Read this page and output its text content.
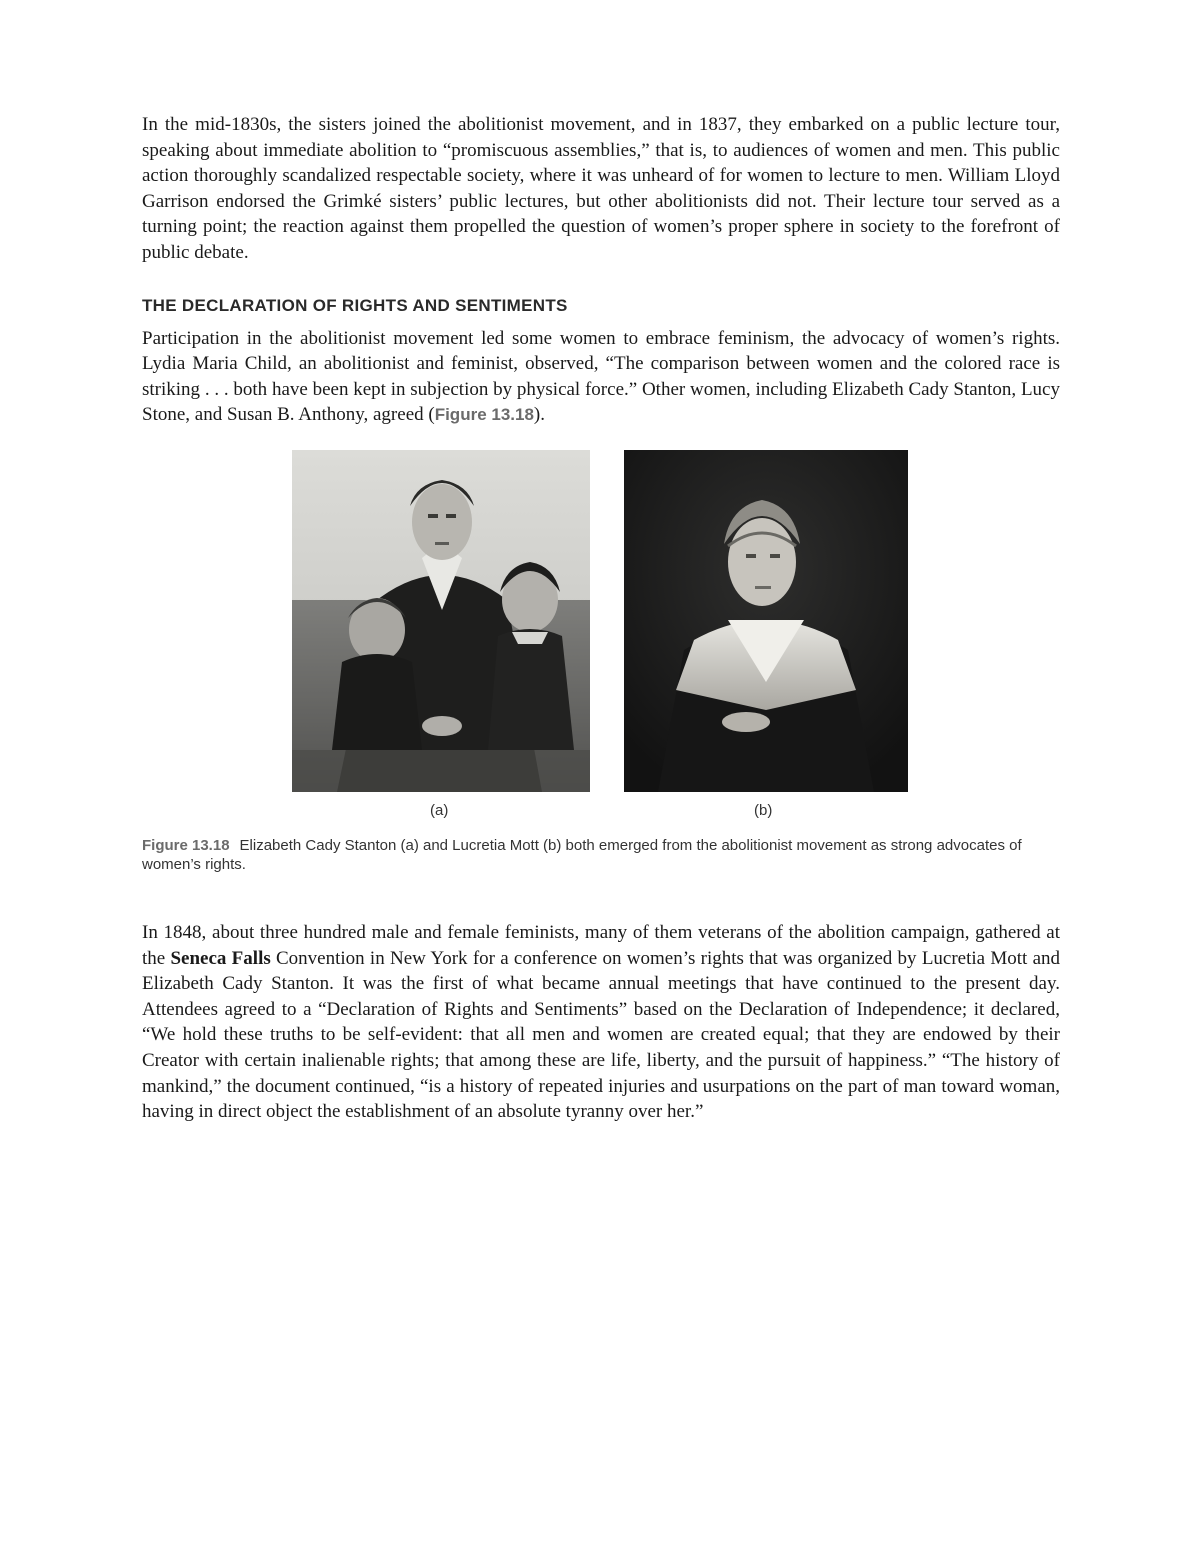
In the mid-1830s, the sisters joined the abolitionist movement, and in 1837, they embarked on a public lecture tour, speaking about immediate abolition to “promiscuous assemblies,” that is, to audiences of women and men. This public action thoroughly scandalized respectable society, where it was unheard of for women to lecture to men. William Lloyd Garrison endorsed the Grimké sisters’ public lectures, but other abolitionists did not. Their lecture tour served as a turning point; the reaction against them propelled the question of women’s proper sphere in society to the forefront of public debate.

THE DECLARATION OF RIGHTS AND SENTIMENTS

Participation in the abolitionist movement led some women to embrace feminism, the advocacy of women’s rights. Lydia Maria Child, an abolitionist and feminist, observed, “The comparison between women and the colored race is striking . . . both have been kept in subjection by physical force.” Other women, including Elizabeth Cady Stanton, Lucy Stone, and Susan B. Anthony, agreed (Figure 13.18).

(a)	(b)

Figure 13.18 Elizabeth Cady Stanton (a) and Lucretia Mott (b) both emerged from the abolitionist movement as strong advocates of women’s rights.

In 1848, about three hundred male and female feminists, many of them veterans of the abolition campaign, gathered at the Seneca Falls Convention in New York for a conference on women’s rights that was organized by Lucretia Mott and Elizabeth Cady Stanton. It was the first of what became annual meetings that have continued to the present day. Attendees agreed to a “Declaration of Rights and Sentiments” based on the Declaration of Independence; it declared, “We hold these truths to be self-evident: that all men and women are created equal; that they are endowed by their Creator with certain inalienable rights; that among these are life, liberty, and the pursuit of happiness.” “The history of mankind,” the document continued, “is a history of repeated injuries and usurpations on the part of man toward woman, having in direct object the establishment of an absolute tyranny over her.”
